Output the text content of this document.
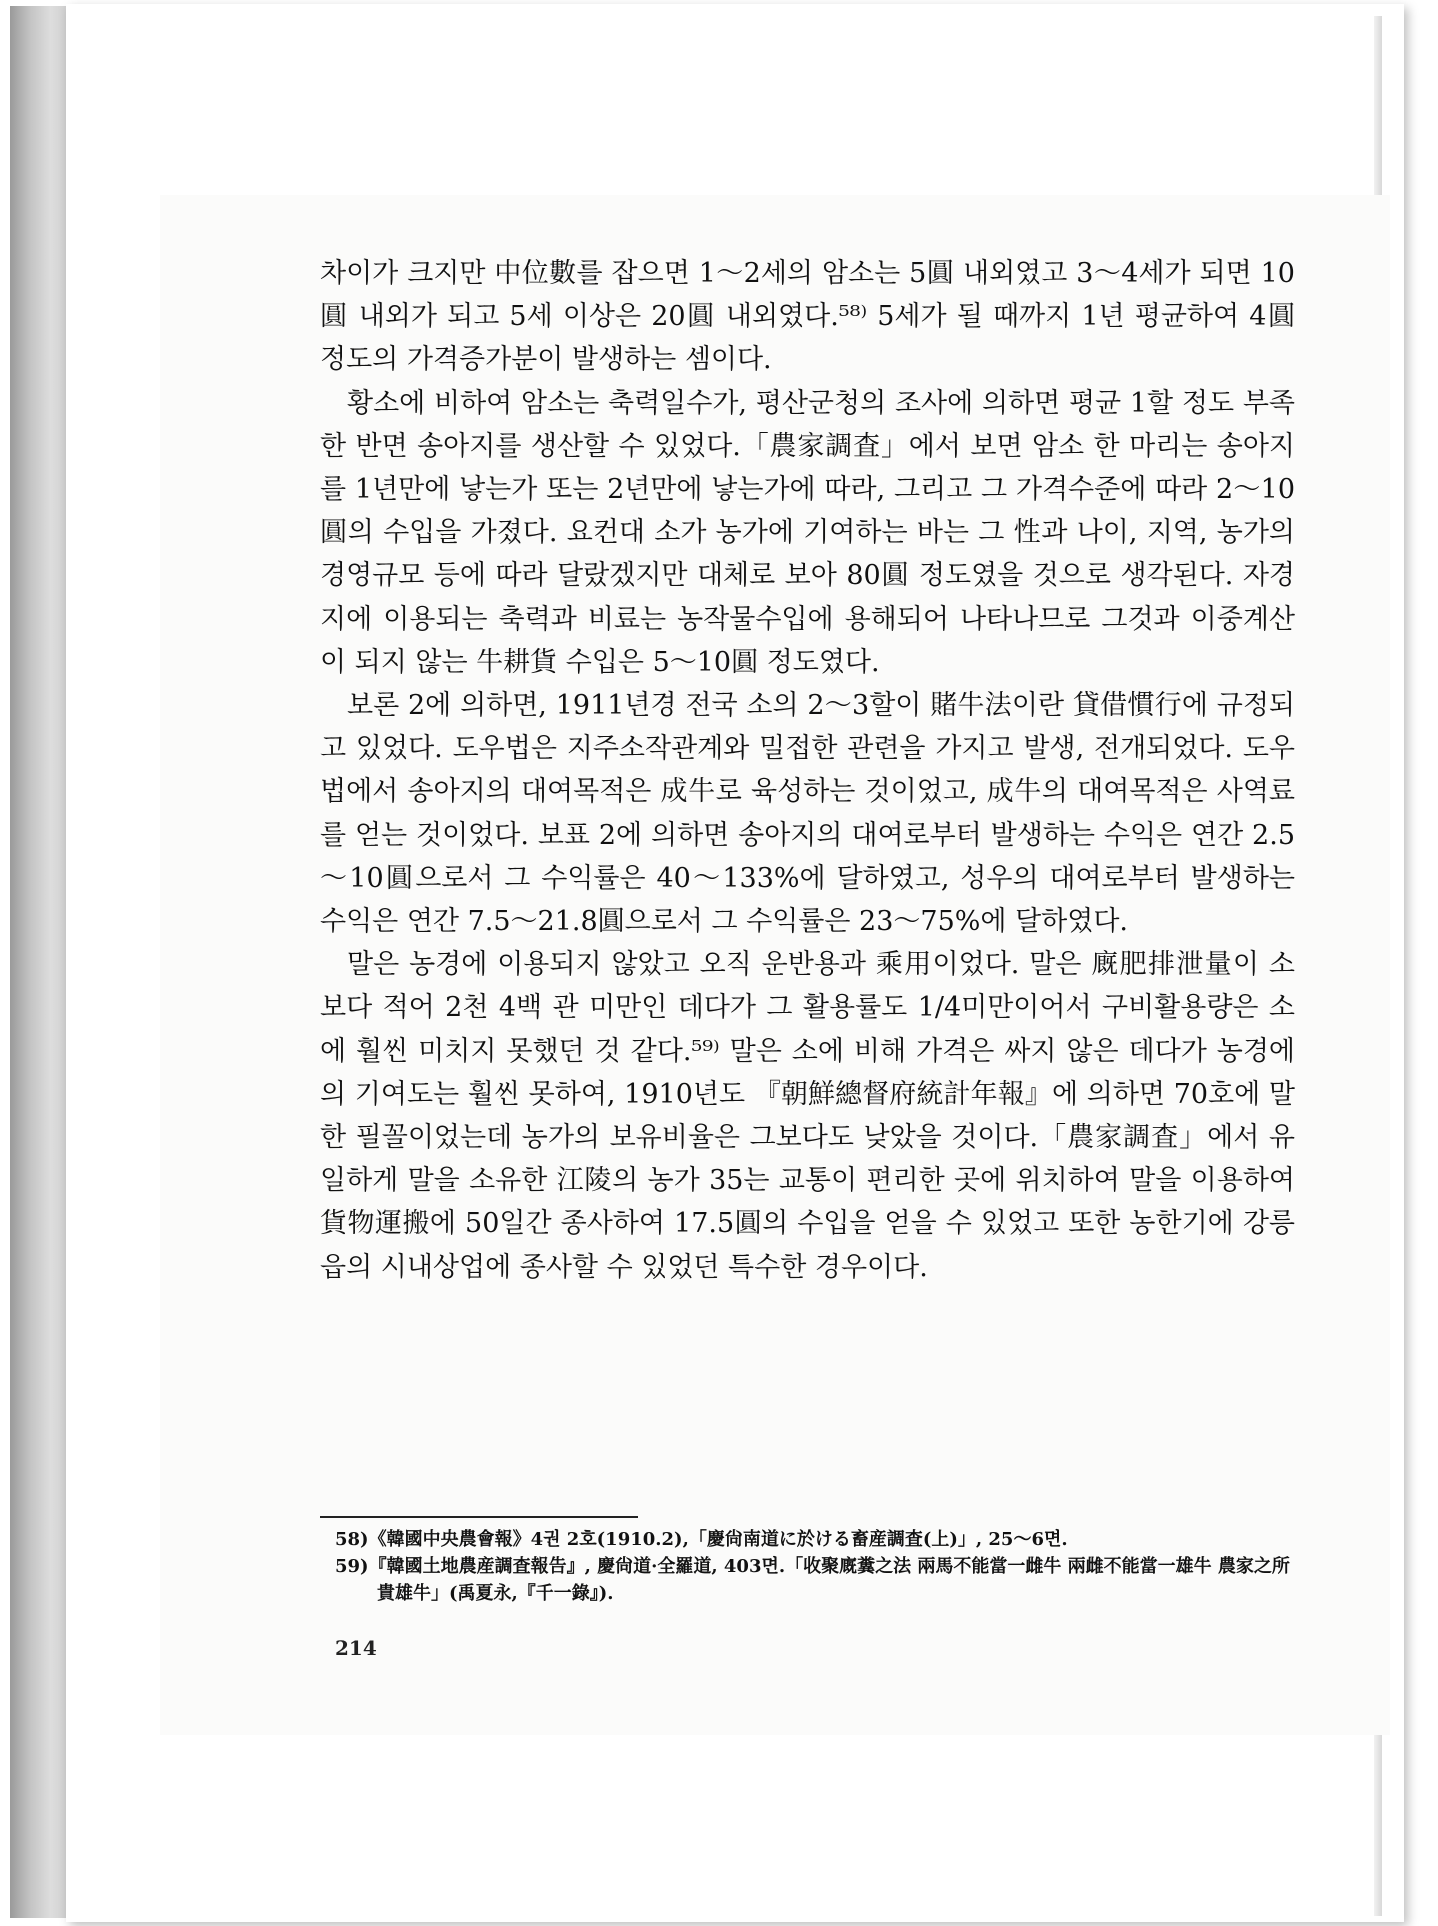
차이가 크지만 中位數를 잡으면 1～2세의 암소는 5圓 내외였고 3～4세가 되면 10圓 내외가 되고 5세 이상은 20圓 내외였다.⁵⁸⁾ 5세가 될 때까지 1년 평균하여 4圓 정도의 가격증가분이 발생하는 셈이다.

황소에 비하여 암소는 축력일수가, 평산군청의 조사에 의하면 평균 1할 정도 부족한 반면 송아지를 생산할 수 있었다.「農家調査」에서 보면 암소 한 마리는 송아지를 1년만에 낳는가 또는 2년만에 낳는가에 따라, 그리고 그 가격수준에 따라 2～10圓의 수입을 가졌다. 요컨대 소가 농가에 기여하는 바는 그 性과 나이, 지역, 농가의 경영규모 등에 따라 달랐겠지만 대체로 보아 80圓 정도였을 것으로 생각된다. 자경지에 이용되는 축력과 비료는 농작물수입에 용해되어 나타나므로 그것과 이중계산이 되지 않는 牛耕貨 수입은 5～10圓 정도였다.

보론 2에 의하면, 1911년경 전국 소의 2～3할이 賭牛法이란 貸借慣行에 규정되고 있었다. 도우법은 지주소작관계와 밀접한 관련을 가지고 발생, 전개되었다. 도우법에서 송아지의 대여목적은 成牛로 육성하는 것이었고, 成牛의 대여목적은 사역료를 얻는 것이었다. 보표 2에 의하면 송아지의 대여로부터 발생하는 수익은 연간 2.5～10圓으로서 그 수익률은 40～133%에 달하였고, 성우의 대여로부터 발생하는 수익은 연간 7.5～21.8圓으로서 그 수익률은 23～75%에 달하였다.

말은 농경에 이용되지 않았고 오직 운반용과 乘用이었다. 말은 廐肥排泄量이 소보다 적어 2천 4백 관 미만인 데다가 그 활용률도 1/4미만이어서 구비활용량은 소에 훨씬 미치지 못했던 것 같다.⁵⁹⁾ 말은 소에 비해 가격은 싸지 않은 데다가 농경에의 기여도는 훨씬 못하여, 1910년도 『朝鮮總督府統計年報』에 의하면 70호에 말 한 필꼴이었는데 농가의 보유비율은 그보다도 낮았을 것이다.「農家調査」에서 유일하게 말을 소유한 江陵의 농가 35는 교통이 편리한 곳에 위치하여 말을 이용하여 貨物運搬에 50일간 종사하여 17.5圓의 수입을 얻을 수 있었고 또한 농한기에 강릉읍의 시내상업에 종사할 수 있었던 특수한 경우이다.

58)《韓國中央農會報》4권 2호(1910.2),「慶尙南道に於ける畜産調査(上)」, 25～6면.

59)『韓國土地農産調査報告』, 慶尙道·全羅道, 403면.「收聚廐糞之法 兩馬不能當一雌牛 兩雌不能當一雄牛 農家之所貴雄牛」(禹夏永,『千一錄』).

214
